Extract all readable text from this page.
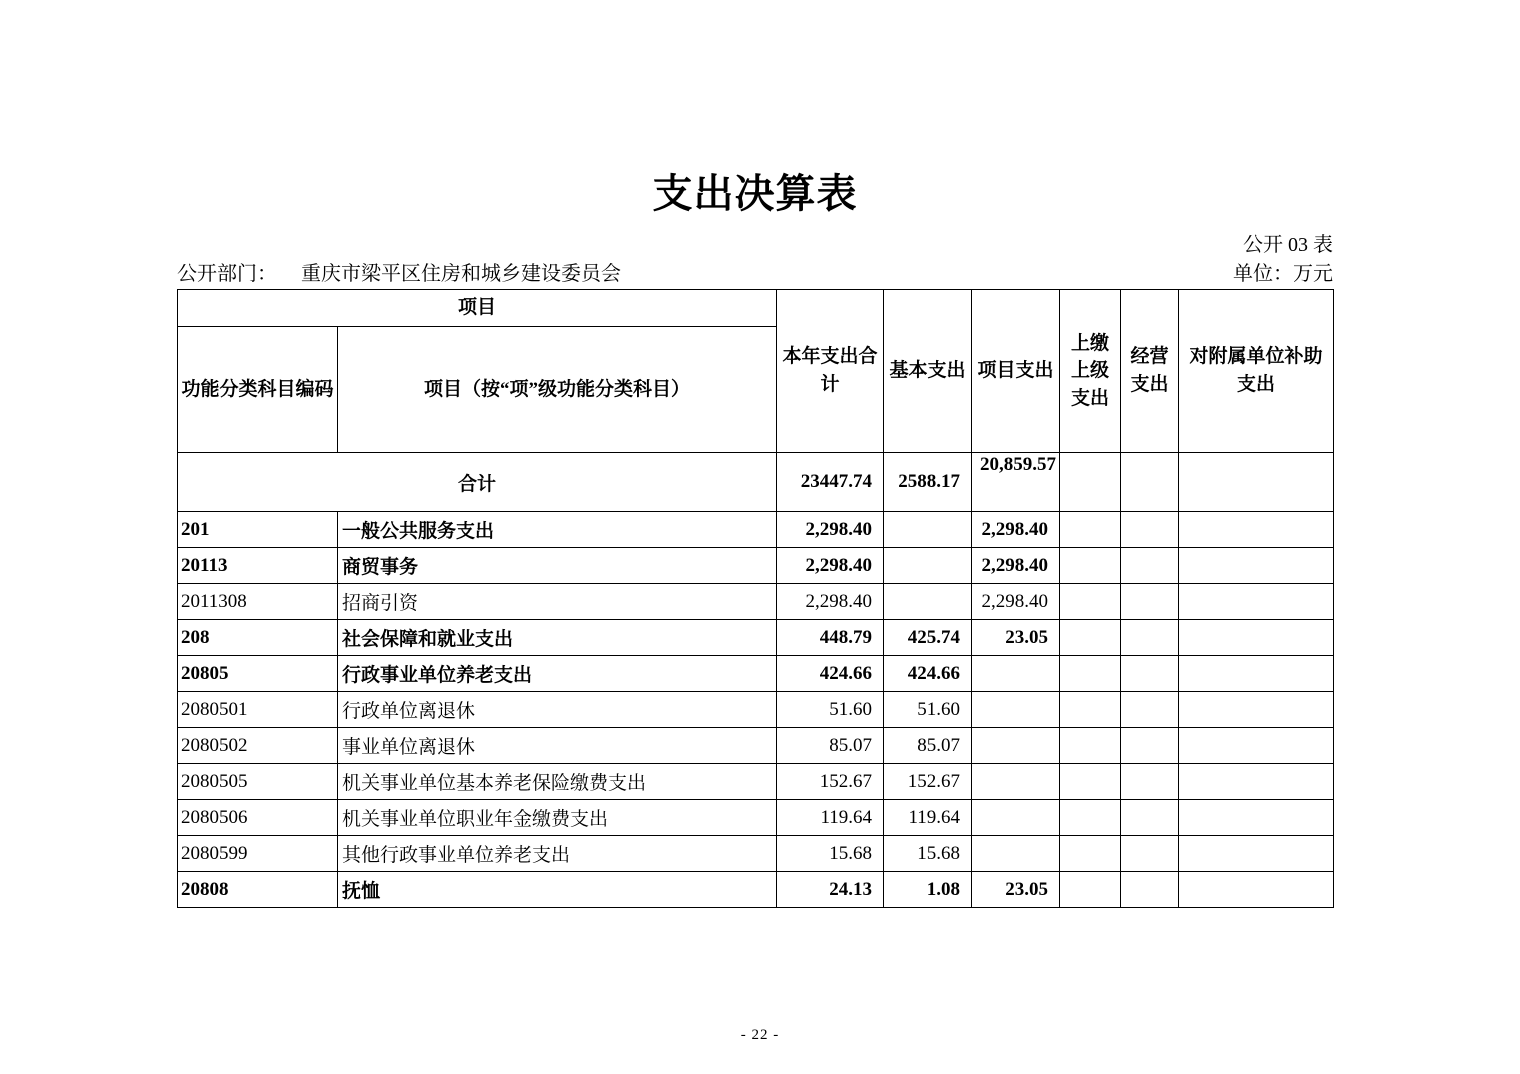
支出决算表
公开 03 表
公开部门： 重庆市梁平区住房和城乡建设委员会	单位：万元
项目		本年支出合计	基本支出	项目支出	上缴上级支出	经营支出	对附属单位补助支出
功能分类科目编码	项目（按“项”级功能分类科目）						
合计		23447.74	2588.17	20,859.57			
201	一般公共服务支出	2,298.40		2,298.40			
20113	商贸事务	2,298.40		2,298.40			
2011308	招商引资	2,298.40		2,298.40			
208	社会保障和就业支出	448.79	425.74	23.05			
20805	行政事业单位养老支出	424.66	424.66				
2080501	行政单位离退休	51.60	51.60				
2080502	事业单位离退休	85.07	85.07				
2080505	机关事业单位基本养老保险缴费支出	152.67	152.67				
2080506	机关事业单位职业年金缴费支出	119.64	119.64				
2080599	其他行政事业单位养老支出	15.68	15.68				
20808	抚恤	24.13	1.08	23.05			
- 22 -
